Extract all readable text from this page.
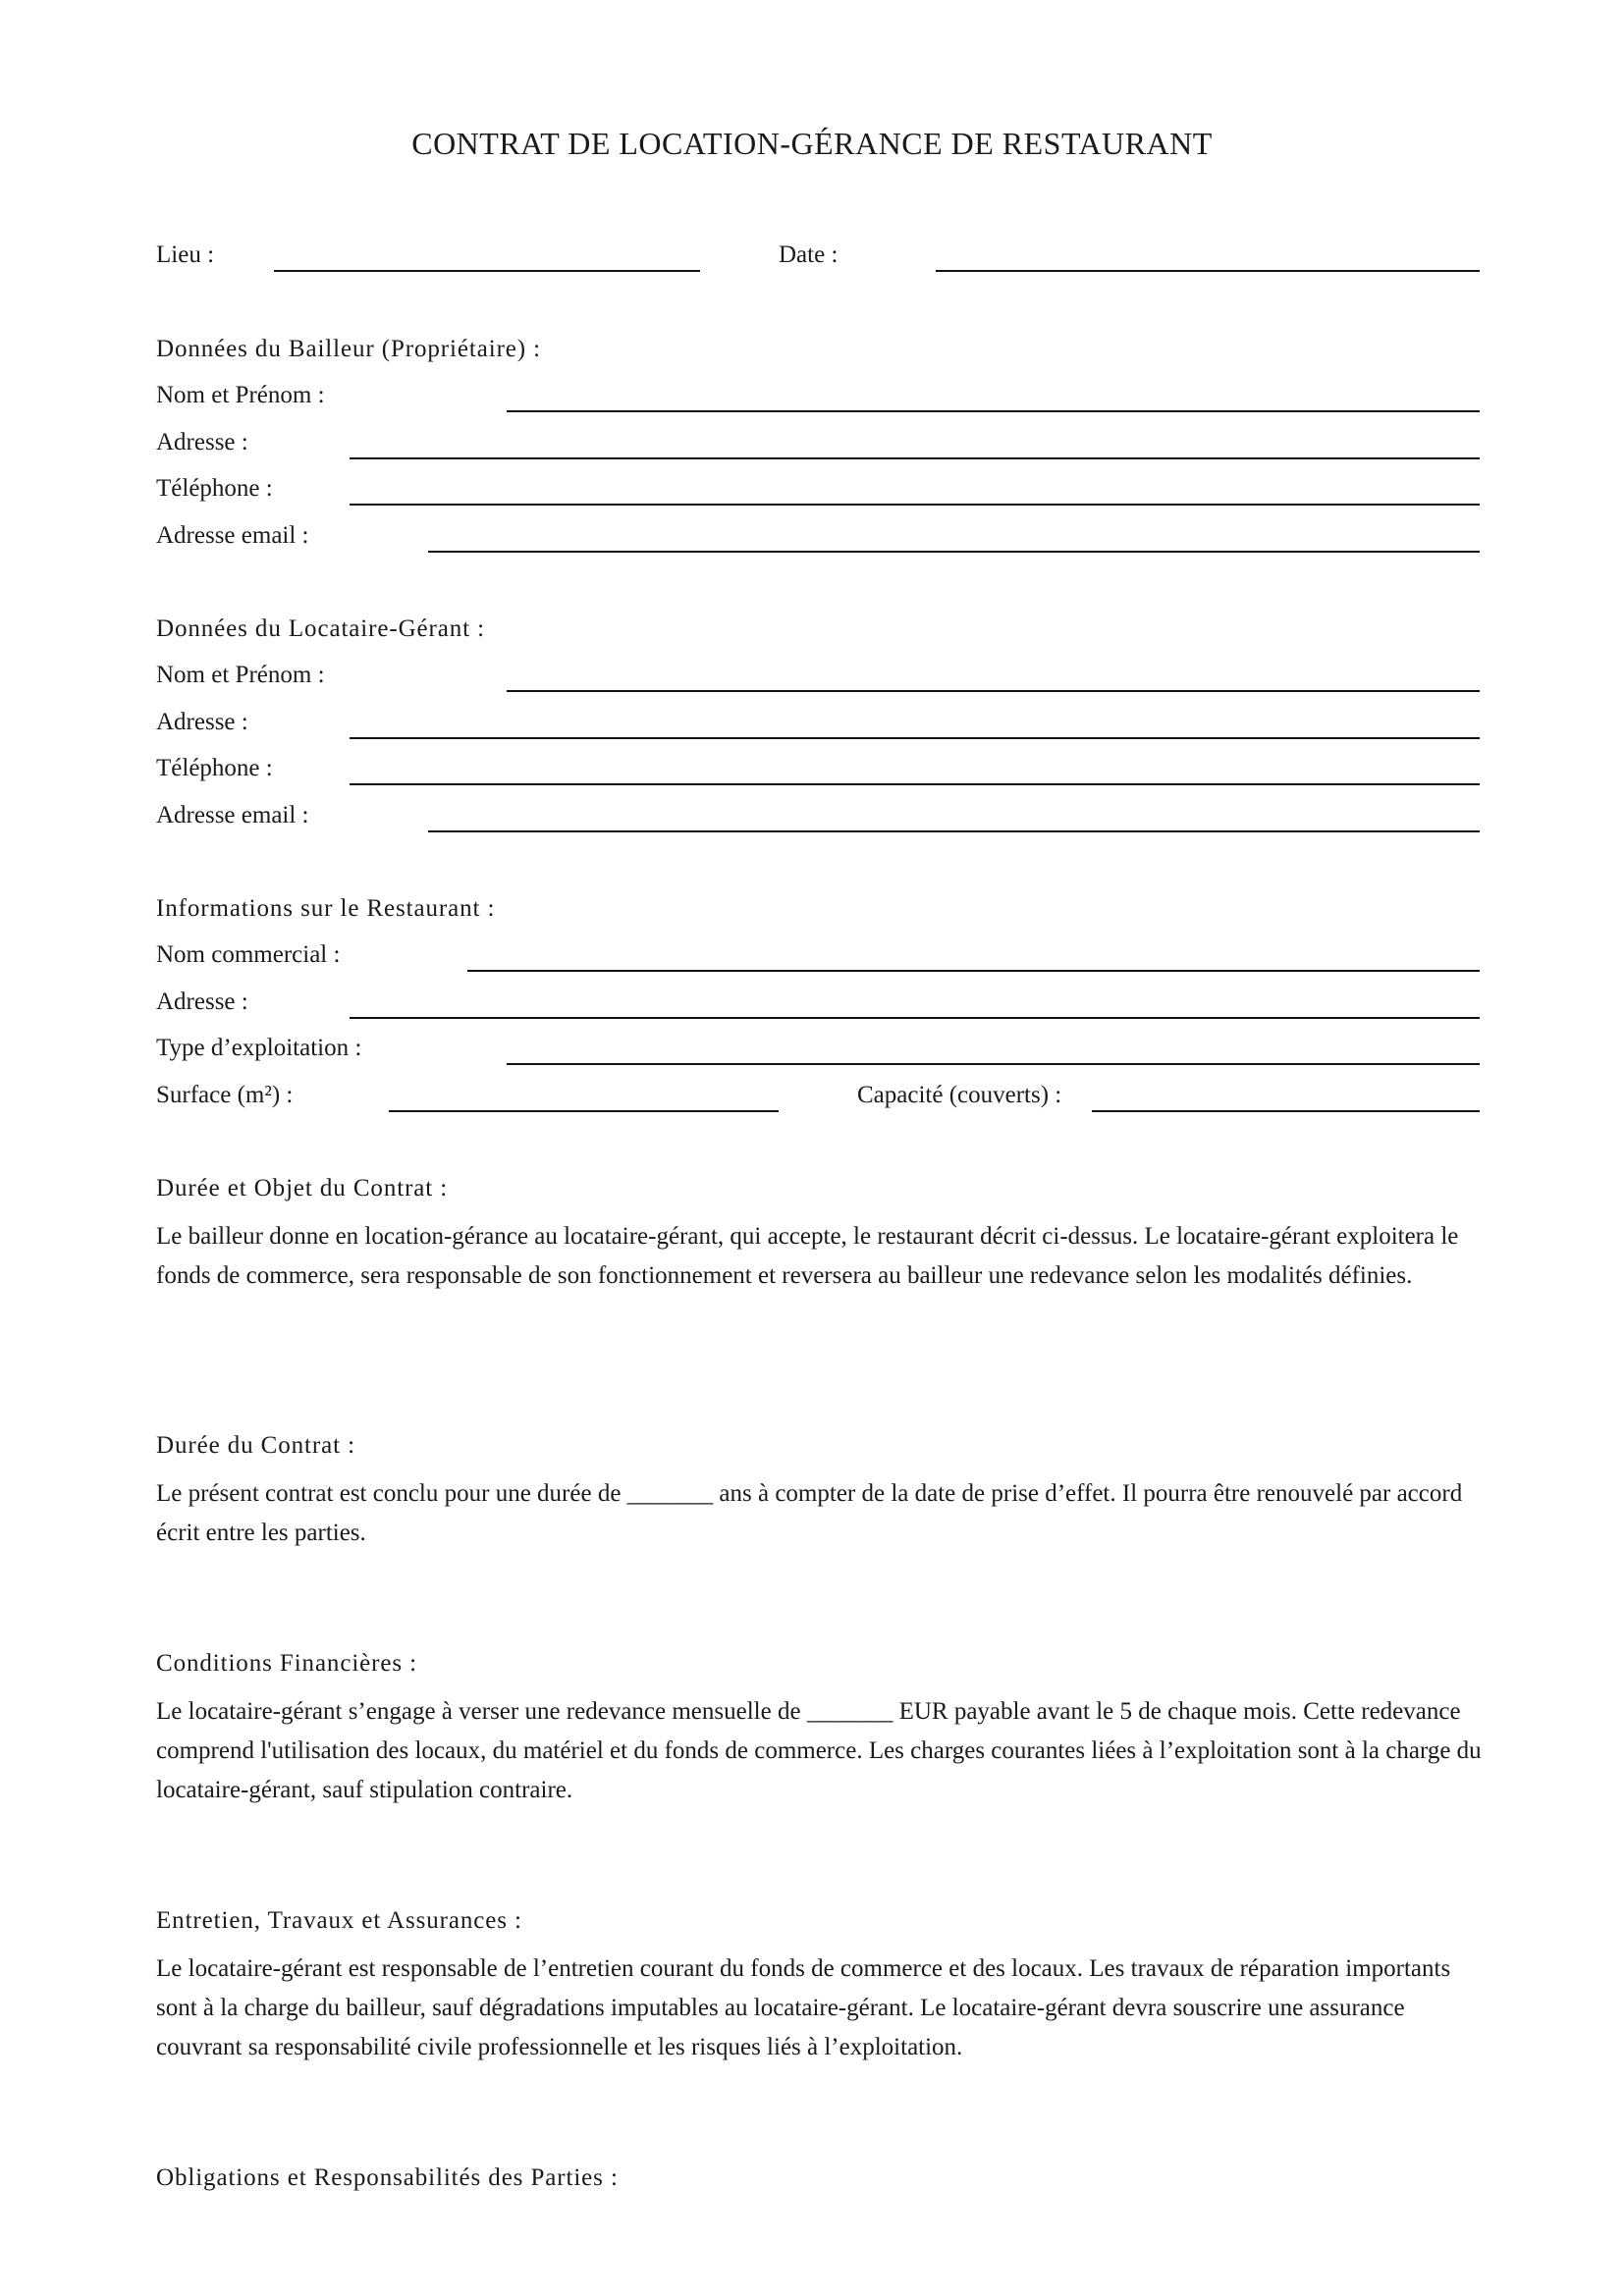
CONTRAT DE LOCATION-GÉRANCE DE RESTAURANT
Lieu :	Date :
Données du Bailleur (Propriétaire) :
Nom et Prénom :
Adresse :
Téléphone :
Adresse email :
Données du Locataire-Gérant :
Nom et Prénom :
Adresse :
Téléphone :
Adresse email :
Informations sur le Restaurant :
Nom commercial :
Adresse :
Type d’exploitation :
Surface (m²) :	Capacité (couverts) :
Durée et Objet du Contrat :

Le bailleur donne en location-gérance au locataire-gérant, qui accepte, le restaurant décrit ci-dessus. Le locataire-gérant exploitera le fonds de commerce, sera responsable de son fonctionnement et reversera au bailleur une redevance selon les modalités définies.

Durée du Contrat :

Le présent contrat est conclu pour une durée de _______ ans à compter de la date de prise d’effet. Il pourra être renouvelé par accord écrit entre les parties.

Conditions Financières :

Le locataire-gérant s’engage à verser une redevance mensuelle de _______ EUR payable avant le 5 de chaque mois. Cette redevance comprend l'utilisation des locaux, du matériel et du fonds de commerce. Les charges courantes liées à l’exploitation sont à la charge du locataire-gérant, sauf stipulation contraire.

Entretien, Travaux et Assurances :

Le locataire-gérant est responsable de l’entretien courant du fonds de commerce et des locaux. Les travaux de réparation importants sont à la charge du bailleur, sauf dégradations imputables au locataire-gérant. Le locataire-gérant devra souscrire une assurance couvrant sa responsabilité civile professionnelle et les risques liés à l’exploitation.

Obligations et Responsabilités des Parties :
